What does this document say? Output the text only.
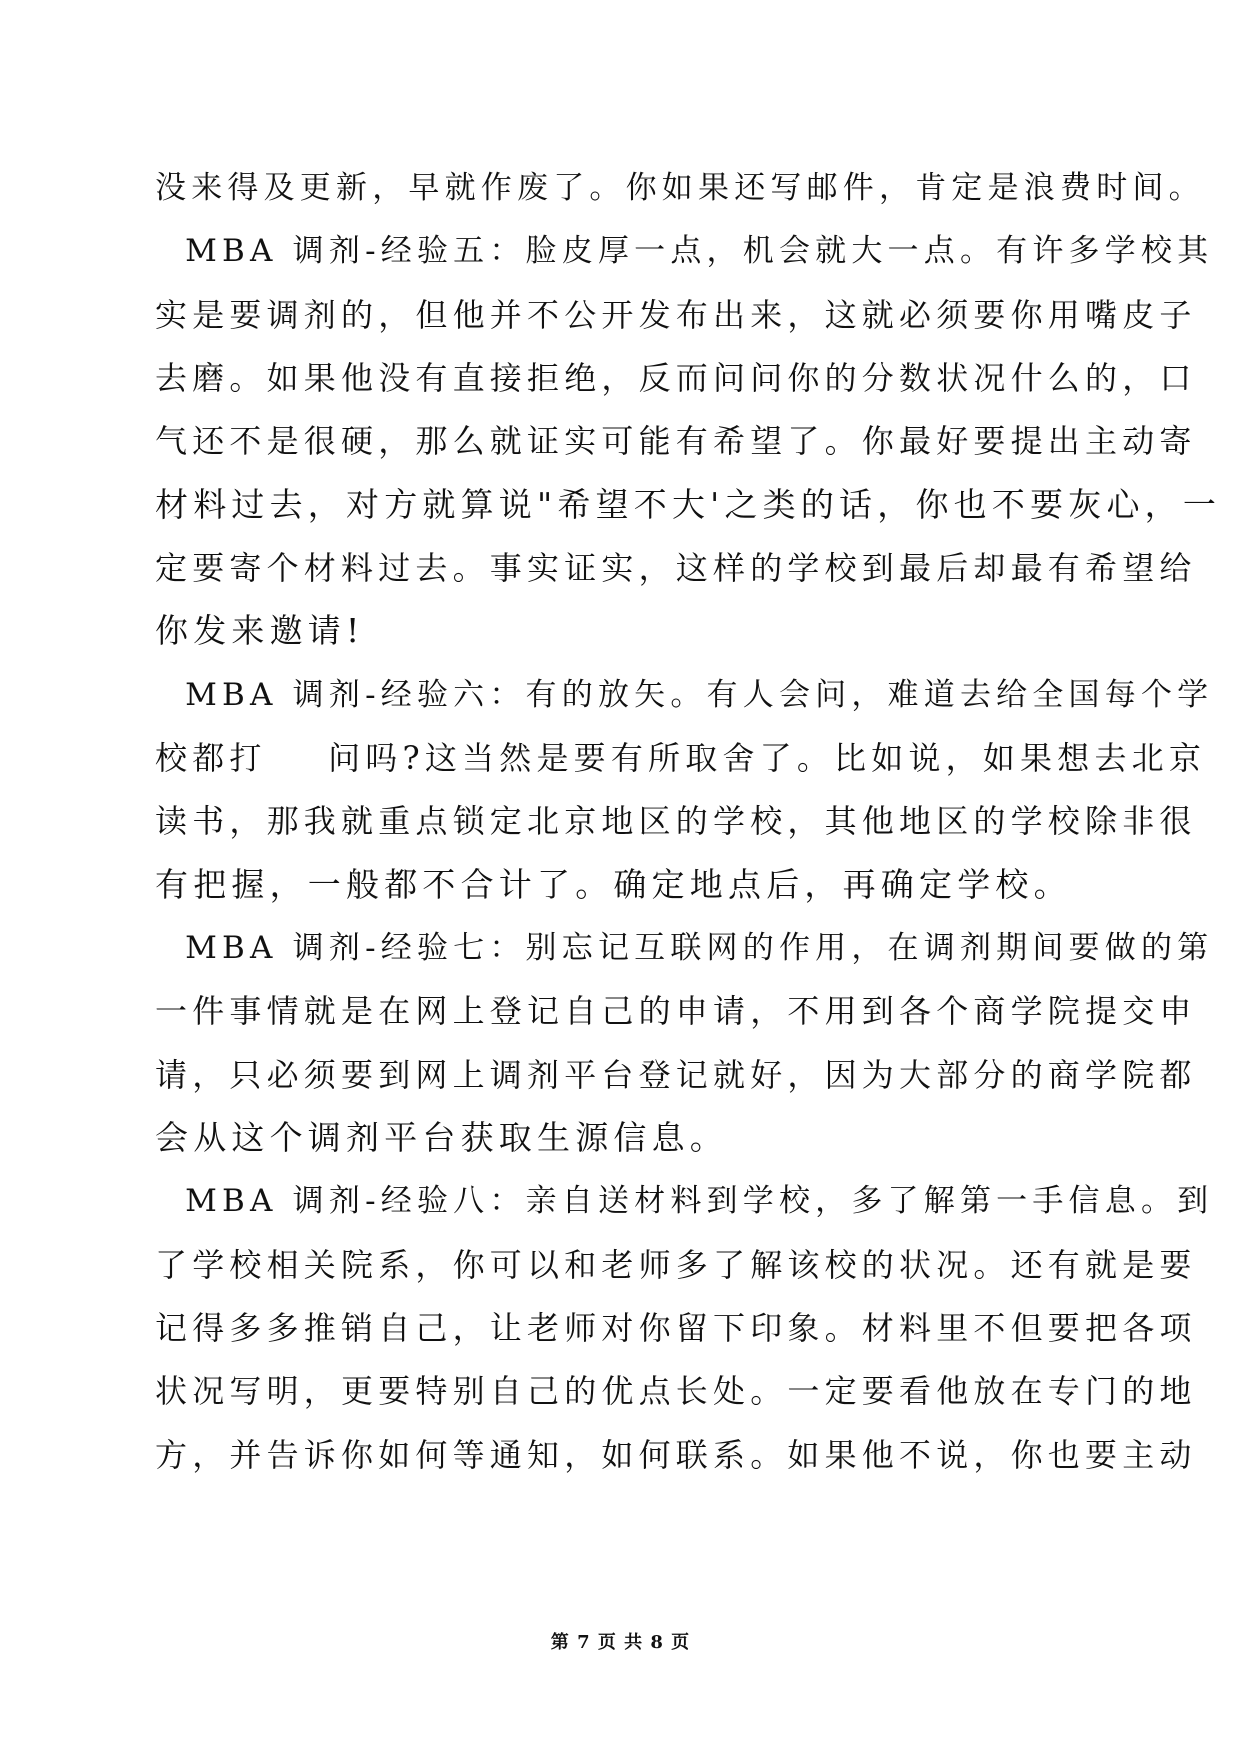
没来得及更新，早就作废了。你如果还写邮件，肯定是浪费时间。
MBA 调剂-经验五：脸皮厚一点，机会就大一点。有许多学校其
实是要调剂的，但他并不公开发布出来，这就必须要你用嘴皮子
去磨。如果他没有直接拒绝，反而问问你的分数状况什么的，口
气还不是很硬，那么就证实可能有希望了。你最好要提出主动寄
材料过去，对方就算说"希望不大'之类的话，你也不要灰心，一
定要寄个材料过去。事实证实，这样的学校到最后却最有希望给
你发来邀请!
MBA 调剂-经验六：有的放矢。有人会问，难道去给全国每个学
校都打    问吗?这当然是要有所取舍了。比如说，如果想去北京
读书，那我就重点锁定北京地区的学校，其他地区的学校除非很
有把握，一般都不合计了。确定地点后，再确定学校。
MBA 调剂-经验七：别忘记互联网的作用，在调剂期间要做的第
一件事情就是在网上登记自己的申请，不用到各个商学院提交申
请，只必须要到网上调剂平台登记就好，因为大部分的商学院都
会从这个调剂平台获取生源信息。
MBA 调剂-经验八：亲自送材料到学校，多了解第一手信息。到
了学校相关院系，你可以和老师多了解该校的状况。还有就是要
记得多多推销自己，让老师对你留下印象。材料里不但要把各项
状况写明，更要特别自己的优点长处。一定要看他放在专门的地
方，并告诉你如何等通知，如何联系。如果他不说，你也要主动
第 7 页 共 8 页
